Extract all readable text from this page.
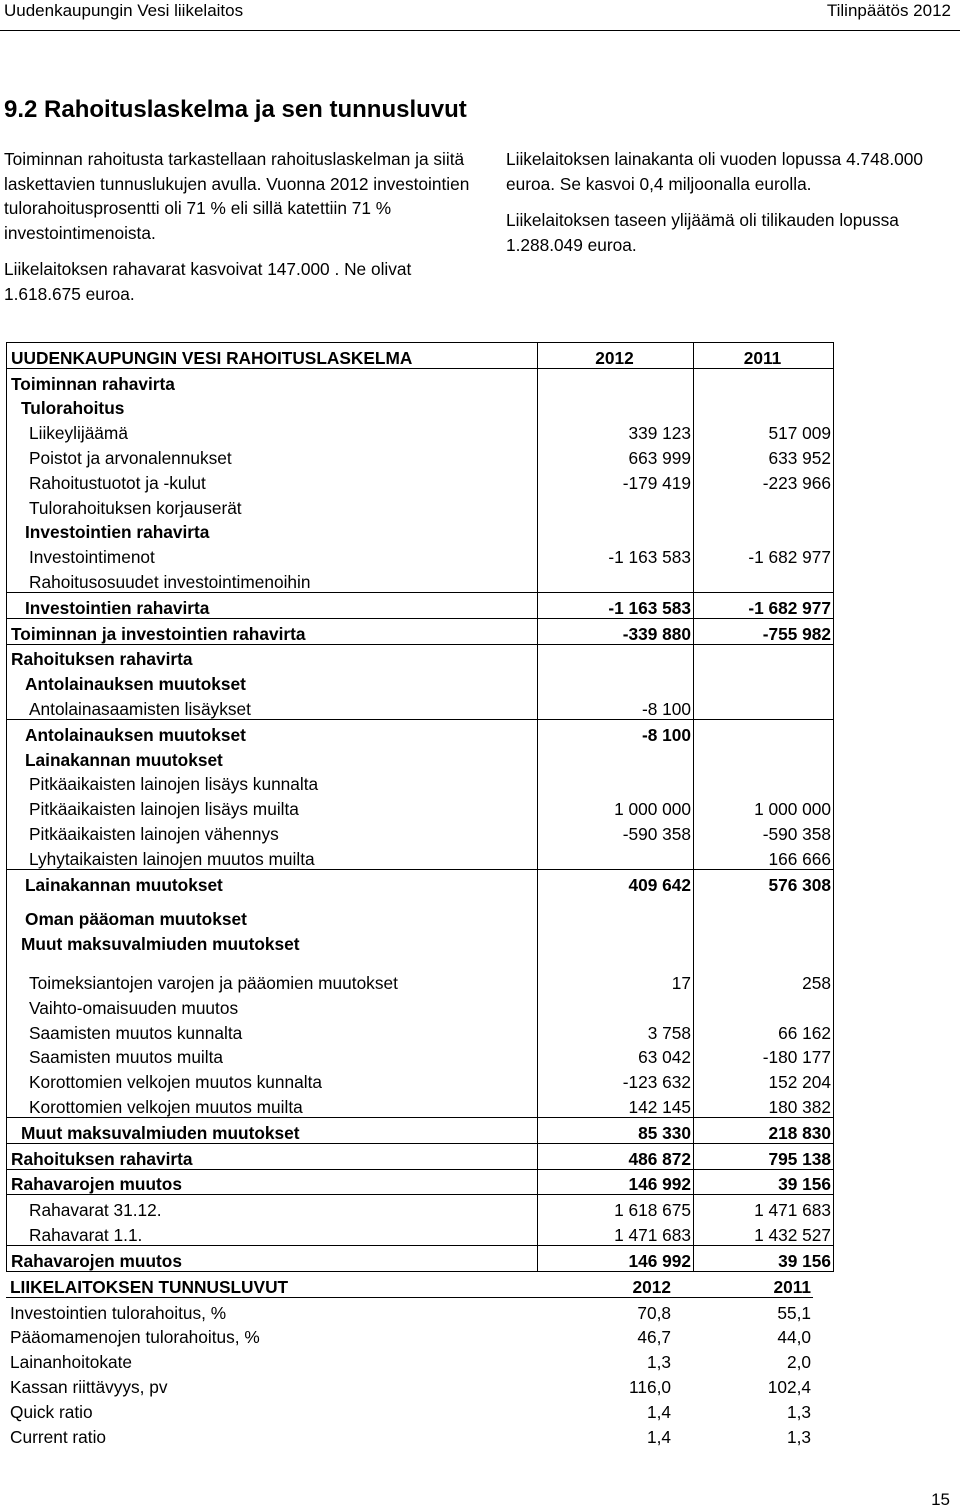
Uudenkaupungin Vesi liikelaitos	Tilinpäätös 2012
9.2 Rahoituslaskelma ja sen tunnusluvut

Toiminnan rahoitusta tarkastellaan rahoituslaskelman ja siitä laskettavien tunnuslukujen avulla. Vuonna 2012 investointien tulorahoitusprosentti oli 71 % eli sillä katettiin 71 % investointimenoista.

Liikelaitoksen rahavarat kasvoivat 147.000 . Ne olivat 1.618.675 euroa.

Liikelaitoksen lainakanta oli vuoden lopussa 4.748.000 euroa. Se kasvoi 0,4 miljoonalla eurolla.

Liikelaitoksen taseen ylijäämä oli tilikauden lopussa 1.288.049 euroa.

UUDENKAUPUNGIN VESI RAHOITUSLASKELMA	2012	2011
Toiminnan rahavirta		
Tulorahoitus		
Liikeylijäämä	339 123	517 009
Poistot ja arvonalennukset	663 999	633 952
Rahoitustuotot ja -kulut	-179 419	-223 966
Tulorahoituksen korjauserät		
Investointien rahavirta		
Investointimenot	-1 163 583	-1 682 977
Rahoitusosuudet investointimenoihin		
Investointien rahavirta	-1 163 583	-1 682 977
Toiminnan ja investointien rahavirta	-339 880	-755 982
Rahoituksen rahavirta		
Antolainauksen muutokset		
Antolainasaamisten lisäykset	-8 100	
Antolainauksen muutokset	-8 100	
Lainakannan muutokset		
Pitkäaikaisten lainojen lisäys kunnalta		
Pitkäaikaisten lainojen lisäys muilta	1 000 000	1 000 000
Pitkäaikaisten lainojen vähennys	-590 358	-590 358
Lyhytaikaisten lainojen muutos muilta		166 666
Lainakannan muutokset	409 642	576 308

Oman pääoman muutokset		
Muut maksuvalmiuden muutokset		

Toimeksiantojen varojen ja pääomien muutokset	17	258
Vaihto-omaisuuden muutos		
Saamisten muutos kunnalta	3 758	66 162
Saamisten muutos muilta	63 042	-180 177
Korottomien velkojen muutos kunnalta	-123 632	152 204
Korottomien velkojen muutos muilta	142 145	180 382
Muut maksuvalmiuden muutokset	85 330	218 830
Rahoituksen rahavirta	486 872	795 138
Rahavarojen muutos	146 992	39 156
Rahavarat 31.12.	1 618 675	1 471 683
Rahavarat 1.1.	1 471 683	1 432 527
Rahavarojen muutos	146 992	39 156
LIIKELAITOKSEN TUNNUSLUVUT	2012	2011
Investointien tulorahoitus, %	70,8	55,1
Pääomamenojen tulorahoitus, %	46,7	44,0
Lainanhoitokate	1,3	2,0
Kassan riittävyys, pv	116,0	102,4
Quick ratio	1,4	1,3
Current ratio	1,4	1,3
15
